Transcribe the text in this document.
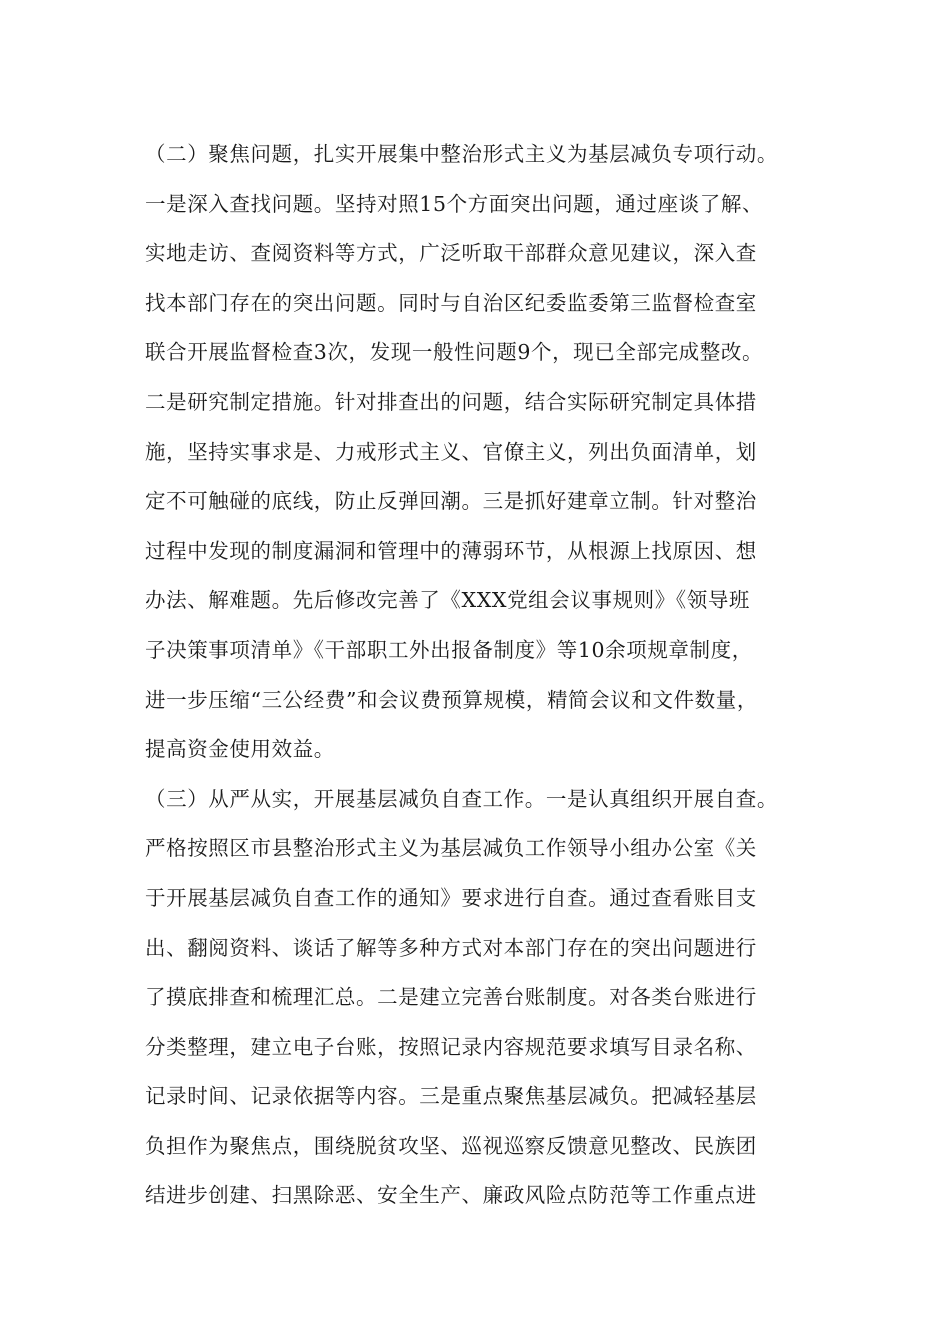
（二）聚焦问题，扎实开展集中整治形式主义为基层减负专项行动。
一是深入查找问题。坚持对照15个方面突出问题，通过座谈了解、
实地走访、查阅资料等方式，广泛听取干部群众意见建议，深入查
找本部门存在的突出问题。同时与自治区纪委监委第三监督检查室
联合开展监督检查3次，发现一般性问题9个，现已全部完成整改。
二是研究制定措施。针对排查出的问题，结合实际研究制定具体措
施，坚持实事求是、力戒形式主义、官僚主义，列出负面清单，划
定不可触碰的底线，防止反弹回潮。三是抓好建章立制。针对整治
过程中发现的制度漏洞和管理中的薄弱环节，从根源上找原因、想
办法、解难题。先后修改完善了《XXX党组会议事规则》《领导班
子决策事项清单》《干部职工外出报备制度》等10余项规章制度，
进一步压缩“三公经费”和会议费预算规模，精简会议和文件数量，
提高资金使用效益。
（三）从严从实，开展基层减负自查工作。一是认真组织开展自查。
严格按照区市县整治形式主义为基层减负工作领导小组办公室《关
于开展基层减负自查工作的通知》要求进行自查。通过查看账目支
出、翻阅资料、谈话了解等多种方式对本部门存在的突出问题进行
了摸底排查和梳理汇总。二是建立完善台账制度。对各类台账进行
分类整理，建立电子台账，按照记录内容规范要求填写目录名称、
记录时间、记录依据等内容。三是重点聚焦基层减负。把减轻基层
负担作为聚焦点，围绕脱贫攻坚、巡视巡察反馈意见整改、民族团
结进步创建、扫黑除恶、安全生产、廉政风险点防范等工作重点进
